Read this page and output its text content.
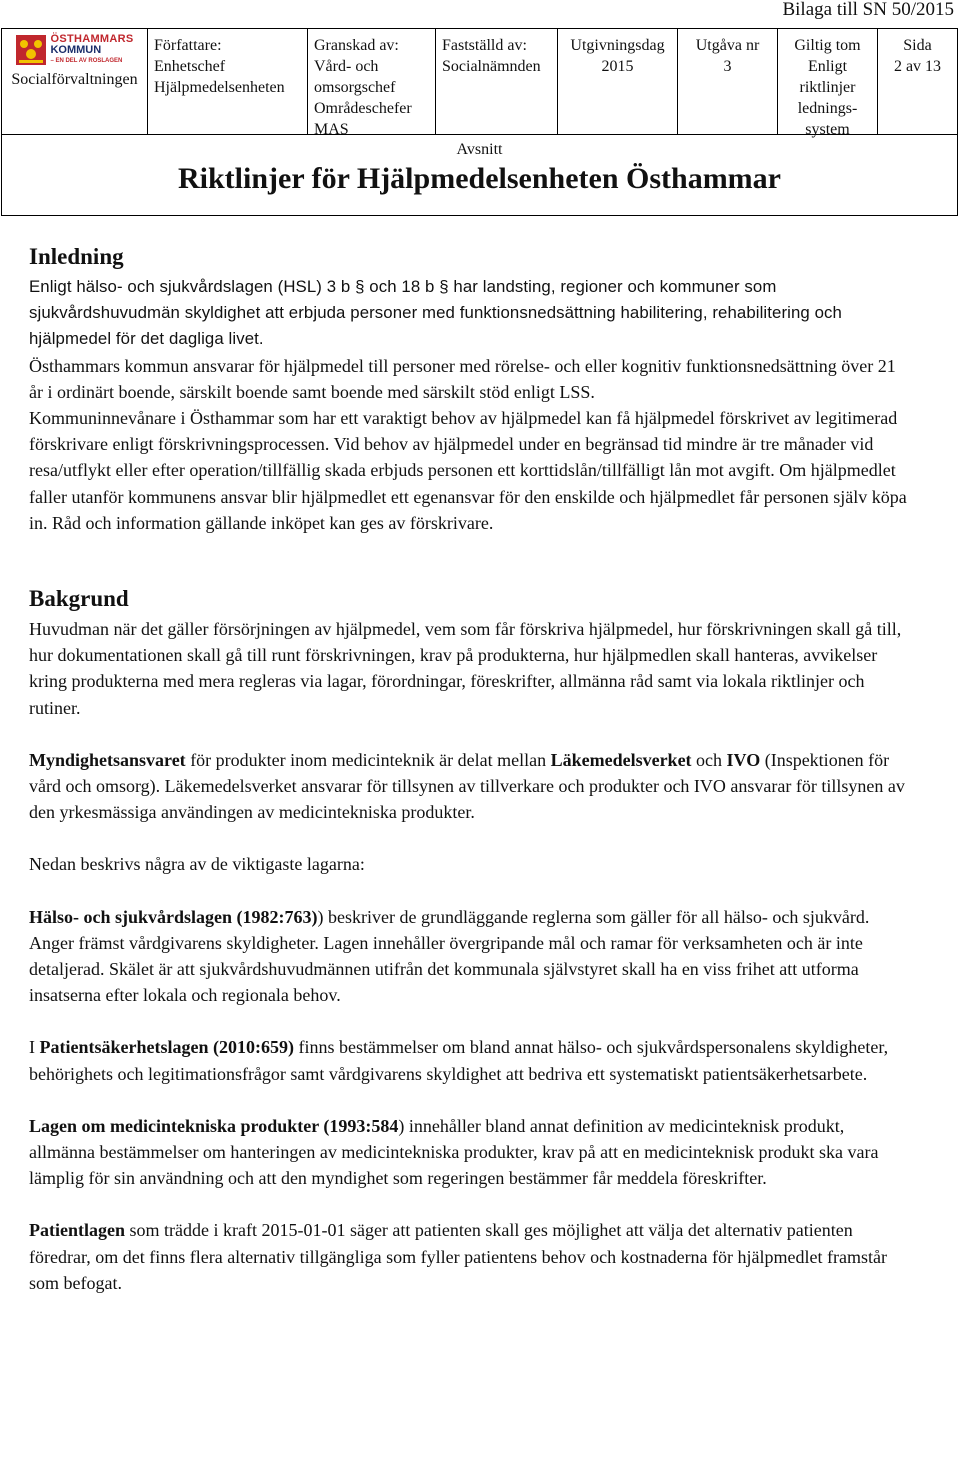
Bilaga till SN 50/2015
ÖSTHAMMARS
KOMMUN
– EN DEL AV ROSLAGEN
Socialförvaltningen
Författare:
Enhetschef
Hjälpmedelsenheten
Granskad av:
Vård- och
omsorgschef
Områdeschefer
MAS
Fastställd av:
Socialnämnden
Utgivningsdag
2015
Utgåva nr
3
Giltig tom
Enligt
riktlinjer
lednings-
system
Sida
2 av 13
Avsnitt
Riktlinjer för Hjälpmedelsenheten Östhammar
Inledning

Enligt hälso- och sjukvårdslagen (HSL) 3 b § och 18 b § har landsting, regioner och kommuner som sjukvårdshuvudmän skyldighet att erbjuda personer med funktionsnedsättning habilitering, rehabilitering och hjälpmedel för det dagliga livet.

Östhammars kommun ansvarar för hjälpmedel till personer med rörelse- och eller kognitiv funktionsnedsättning över 21 år i ordinärt boende, särskilt boende samt boende med särskilt stöd enligt LSS.

Kommuninnevånare i Östhammar som har ett varaktigt behov av hjälpmedel kan få hjälpmedel förskrivet av legitimerad förskrivare enligt förskrivningsprocessen. Vid behov av hjälpmedel under en begränsad tid mindre är tre månader vid resa/utflykt eller efter operation/tillfällig skada erbjuds personen ett korttidslån/tillfälligt lån mot avgift. Om hjälpmedlet faller utanför kommunens ansvar blir hjälpmedlet ett egenansvar för den enskilde och hjälpmedlet får personen själv köpa in. Råd och information gällande inköpet kan ges av förskrivare.

Bakgrund

Huvudman när det gäller försörjningen av hjälpmedel, vem som får förskriva hjälpmedel, hur förskrivningen skall gå till, hur dokumentationen skall gå till runt förskrivningen, krav på produkterna, hur hjälpmedlen skall hanteras, avvikelser kring produkterna med mera regleras via lagar, förordningar, föreskrifter, allmänna råd samt via lokala riktlinjer och rutiner.

Myndighetsansvaret för produkter inom medicinteknik är delat mellan Läkemedelsverket och IVO (Inspektionen för vård och omsorg). Läkemedelsverket ansvarar för tillsynen av tillverkare och produkter och IVO ansvarar för tillsynen av den yrkesmässiga användingen av medicintekniska produkter.

Nedan beskrivs några av de viktigaste lagarna:

Hälso- och sjukvårdslagen (1982:763)) beskriver de grundläggande reglerna som gäller för all hälso- och sjukvård. Anger främst vårdgivarens skyldigheter. Lagen innehåller övergripande mål och ramar för verksamheten och är inte detaljerad. Skälet är att sjukvårdshuvudmännen utifrån det kommunala självstyret skall ha en viss frihet att utforma insatserna efter lokala och regionala behov.

I Patientsäkerhetslagen (2010:659) finns bestämmelser om bland annat hälso- och sjukvårdspersonalens skyldigheter, behörighets och legitimationsfrågor samt vårdgivarens skyldighet att bedriva ett systematiskt patientsäkerhetsarbete.

Lagen om medicintekniska produkter (1993:584) innehåller bland annat definition av medicinteknisk produkt, allmänna bestämmelser om hanteringen av medicintekniska produkter, krav på att en medicinteknisk produkt ska vara lämplig för sin användning och att den myndighet som regeringen bestämmer får meddela föreskrifter.

Patientlagen som trädde i kraft 2015-01-01 säger att patienten skall ges möjlighet att välja det alternativ patienten föredrar, om det finns flera alternativ tillgängliga som fyller patientens behov och kostnaderna för hjälpmedlet framstår som befogat.
